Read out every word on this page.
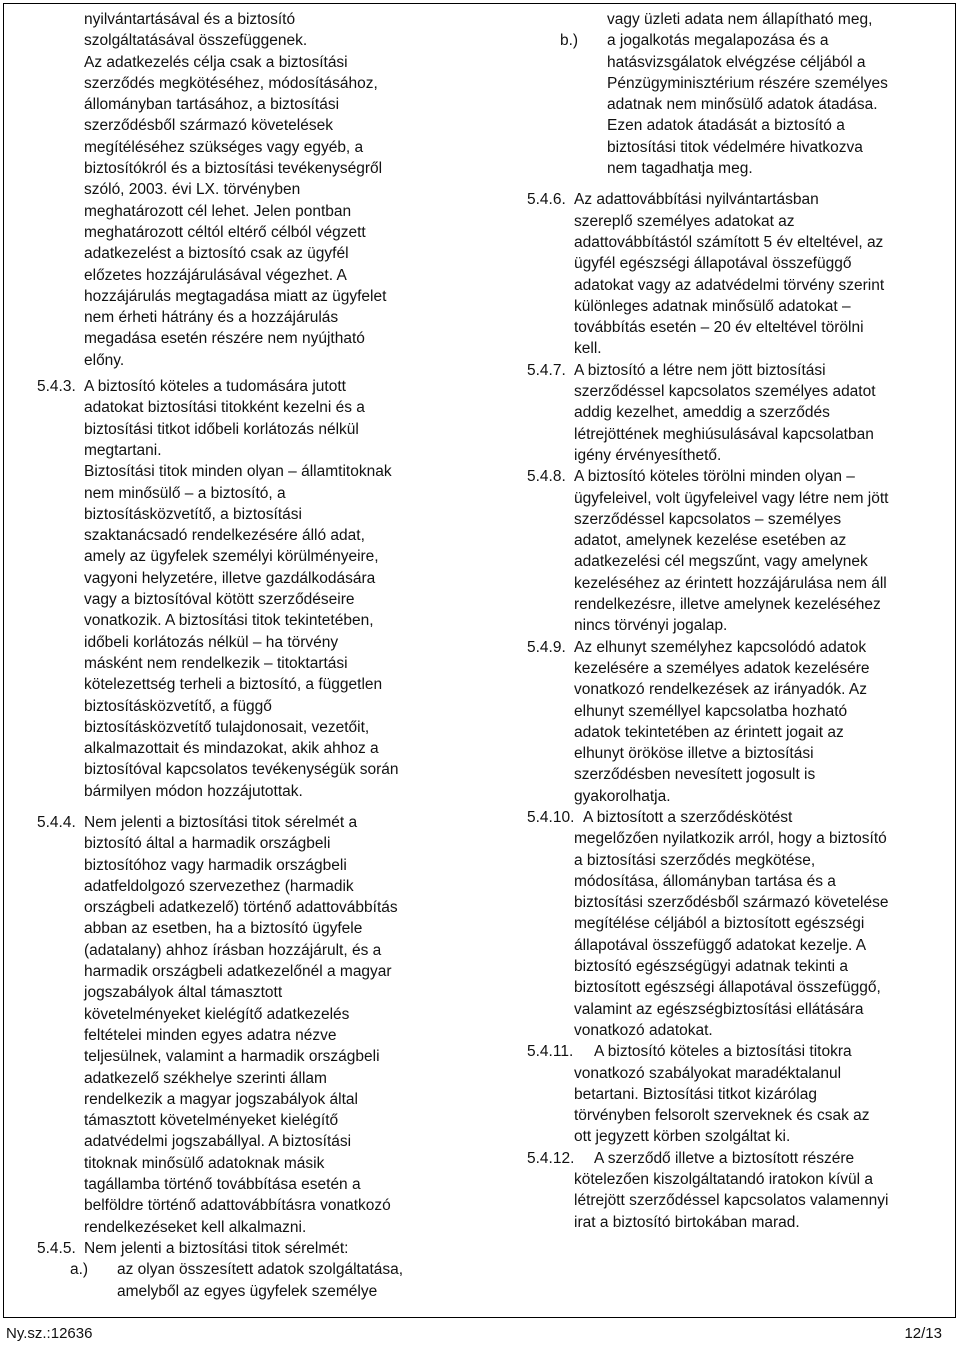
nyilvántartásával és a biztosító
szolgáltatásával összefüggenek.
Az adatkezelés célja csak a biztosítási
szerződés megkötéséhez, módosításához,
állományban tartásához, a biztosítási
szerződésből származó követelések
megítéléséhez szükséges vagy egyéb, a
biztosítókról és a biztosítási tevékenységről
szóló, 2003. évi LX. törvényben
meghatározott cél lehet. Jelen pontban
meghatározott céltól eltérő célból végzett
adatkezelést a biztosító csak az ügyfél
előzetes hozzájárulásával végezhet. A
hozzájárulás megtagadása miatt az ügyfelet
nem érheti hátrány és a hozzájárulás
megadása esetén részére nem nyújtható
előny.
5.4.3. A biztosító köteles a tudomására jutott
adatokat biztosítási titokként kezelni és a
biztosítási titkot időbeli korlátozás nélkül
megtartani.
Biztosítási titok minden olyan – államtitoknak
nem minősülő – a biztosító, a
biztosításközvetítő, a biztosítási
szaktanácsadó rendelkezésére álló adat,
amely az ügyfelek személyi körülményeire,
vagyoni helyzetére, illetve gazdálkodására
vagy a biztosítóval kötött szerződéseire
vonatkozik. A biztosítási titok tekintetében,
időbeli korlátozás nélkül – ha törvény
másként nem rendelkezik – titoktartási
kötelezettség terheli a biztosító, a független
biztosításközvetítő, a függő
biztosításközvetítő tulajdonosait, vezetőit,
alkalmazottait és mindazokat, akik ahhoz a
biztosítóval kapcsolatos tevékenységük során
bármilyen módon hozzájutottak.
5.4.4. Nem jelenti a biztosítási titok sérelmét a
biztosító által a harmadik országbeli
biztosítóhoz vagy harmadik országbeli
adatfeldolgozó szervezethez (harmadik
országbeli adatkezelő) történő adattovábbítás
abban az esetben, ha a biztosító ügyfele
(adatalany) ahhoz írásban hozzájárult, és a
harmadik országbeli adatkezelőnél a magyar
jogszabályok által támasztott
követelményeket kielégítő adatkezelés
feltételei minden egyes adatra nézve
teljesülnek, valamint a harmadik országbeli
adatkezelő székhelye szerinti állam
rendelkezik a magyar jogszabályok által
támasztott követelményeket kielégítő
adatvédelmi jogszabállyal. A biztosítási
titoknak minősülő adatoknak másik
tagállamba történő továbbítása esetén a
belföldre történő adattovábbításra vonatkozó
rendelkezéseket kell alkalmazni.
5.4.5. Nem jelenti a biztosítási titok sérelmét:
a.) az olyan összesített adatok szolgáltatása,
amelyből az egyes ügyfelek személye
vagy üzleti adata nem állapítható meg,
b.) a jogalkotás megalapozása és a
hatásvizsgálatok elvégzése céljából a
Pénzügyminisztérium részére személyes
adatnak nem minősülő adatok átadása.
Ezen adatok átadását a biztosító a
biztosítási titok védelmére hivatkozva
nem tagadhatja meg.
5.4.6. Az adattovábbítási nyilvántartásban
szereplő személyes adatokat az
adattovábbítástól számított 5 év elteltével, az
ügyfél egészségi állapotával összefüggő
adatokat vagy az adatvédelmi törvény szerint
különleges adatnak minősülő adatokat –
továbbítás esetén – 20 év elteltével törölni
kell.
5.4.7. A biztosító a létre nem jött biztosítási
szerződéssel kapcsolatos személyes adatot
addig kezelhet, ameddig a szerződés
létrejöttének meghiúsulásával kapcsolatban
igény érvényesíthető.
5.4.8. A biztosító köteles törölni minden olyan –
ügyfeleivel, volt ügyfeleivel vagy létre nem jött
szerződéssel kapcsolatos – személyes
adatot, amelynek kezelése esetében az
adatkezelési cél megszűnt, vagy amelynek
kezeléséhez az érintett hozzájárulása nem áll
rendelkezésre, illetve amelynek kezeléséhez
nincs törvényi jogalap.
5.4.9. Az elhunyt személyhez kapcsolódó adatok
kezelésére a személyes adatok kezelésére
vonatkozó rendelkezések az irányadók. Az
elhunyt személlyel kapcsolatba hozható
adatok tekintetében az érintett jogait az
elhunyt örököse illetve a biztosítási
szerződésben nevesített jogosult is
gyakorolhatja.
5.4.10. A biztosított a szerződéskötést
megelőzően nyilatkozik arról, hogy a biztosító
a biztosítási szerződés megkötése,
módosítása, állományban tartása és a
biztosítási szerződésből származó követelése
megítélése céljából a biztosított egészségi
állapotával összefüggő adatokat kezelje. A
biztosító egészségügyi adatnak tekinti a
biztosított egészségi állapotával összefüggő,
valamint az egészségbiztosítási ellátására
vonatkozó adatokat.
5.4.11.	A biztosító köteles a biztosítási titokra
vonatkozó szabályokat maradéktalanul
betartani. Biztosítási titkot kizárólag
törvényben felsorolt szerveknek és csak az
ott jegyzett körben szolgáltat ki.
5.4.12.	A szerződő illetve a biztosított részére
kötelezően kiszolgáltatandó iratokon kívül a
létrejött szerződéssel kapcsolatos valamennyi
irat a biztosító birtokában marad.
Ny.sz.:12636	12/13
